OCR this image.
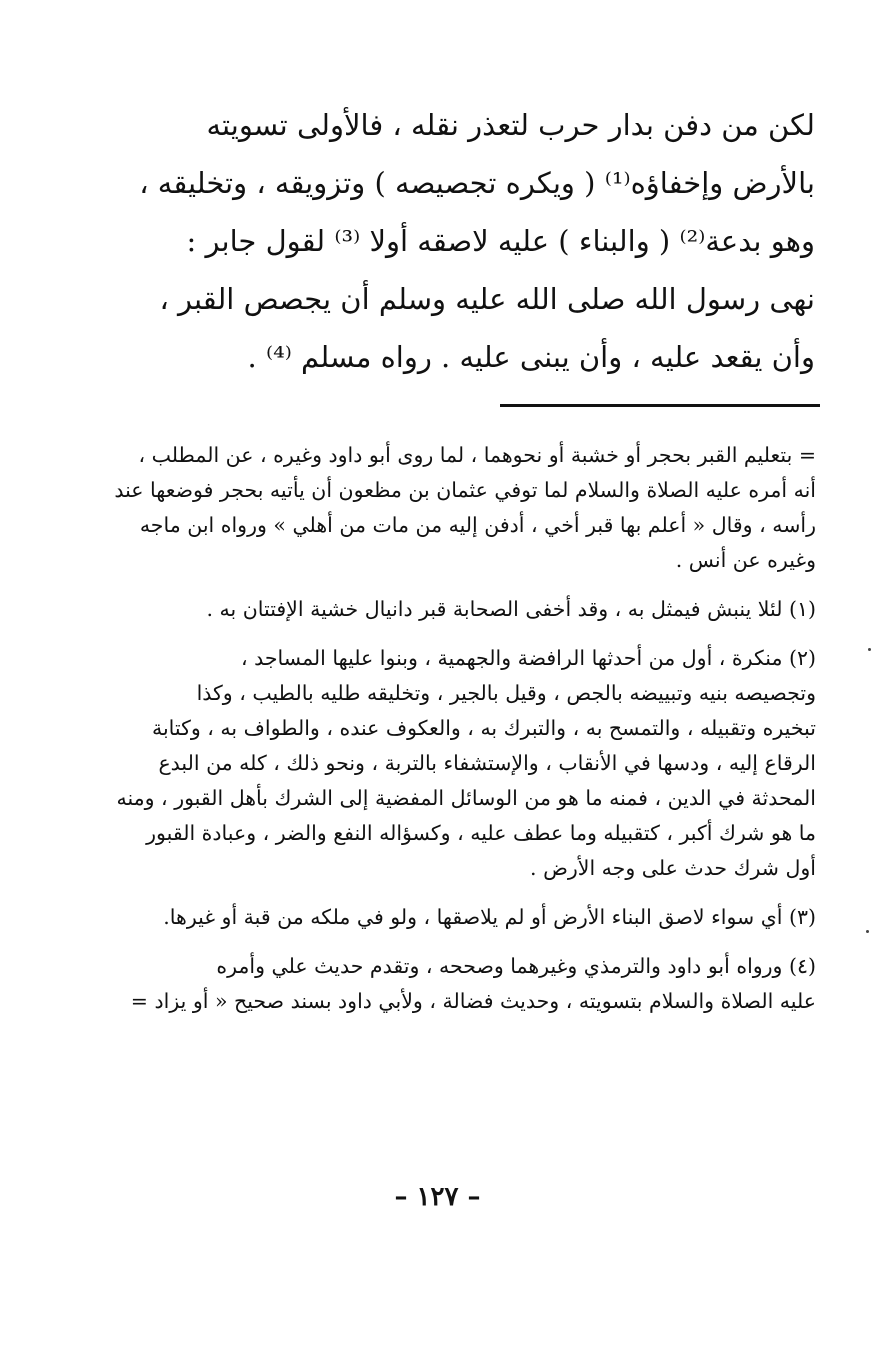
لكن من دفن بدار حرب لتعذر نقله ، فالأولى تسويته
بالأرض وإخفاؤه⁽¹⁾ ( ويكره تجصيصه ) وتزويقه ، وتخليقه ،
وهو بدعة⁽²⁾ ( والبناء ) عليه لاصقه أولا ⁽³⁾ لقول جابر :
نهى رسول الله صلى الله عليه وسلم أن يجصص القبر ،
وأن يقعد عليه ، وأن يبنى عليه . رواه مسلم ⁽⁴⁾ .
= بتعليم القبر بحجر أو خشبة أو نحوهما ، لما روى أبو داود وغيره ، عن المطلب ،
أنه أمره عليه الصلاة والسلام لما توفي عثمان بن مظعون أن يأتيه بحجر فوضعها عند
رأسه ، وقال « أعلم بها قبر أخي ، أدفن إليه من مات من أهلي » ورواه ابن ماجه
وغيره عن أنس .
(١) لئلا ينبش فيمثل به ، وقد أخفى الصحابة قبر دانيال خشية الإفتتان به .
(٢) منكرة ، أول من أحدثها الرافضة والجهمية ، وبنوا عليها المساجد ،
وتجصيصه بنيه وتبييضه بالجص ، وقيل بالجير ، وتخليقه طليه بالطيب ، وكذا
تبخيره وتقبيله ، والتمسح به ، والتبرك به ، والعكوف عنده ، والطواف به ، وكتابة
الرقاع إليه ، ودسها في الأنقاب ، والإستشفاء بالتربة ، ونحو ذلك ، كله من البدع
المحدثة في الدين ، فمنه ما هو من الوسائل المفضية إلى الشرك بأهل القبور ، ومنه
ما هو شرك أكبر ، كتقبيله وما عطف عليه ، وكسؤاله النفع والضر ، وعبادة القبور
أول شرك حدث على وجه الأرض .
(٣) أي سواء لاصق البناء الأرض أو لم يلاصقها ، ولو في ملكه من قبة أو غيرها.
(٤) ورواه أبو داود والترمذي وغيرهما وصححه ، وتقدم حديث علي وأمره
عليه الصلاة والسلام بتسويته ، وحديث فضالة ، ولأبي داود بسند صحيح « أو يزاد =
– ١٢٧ –
